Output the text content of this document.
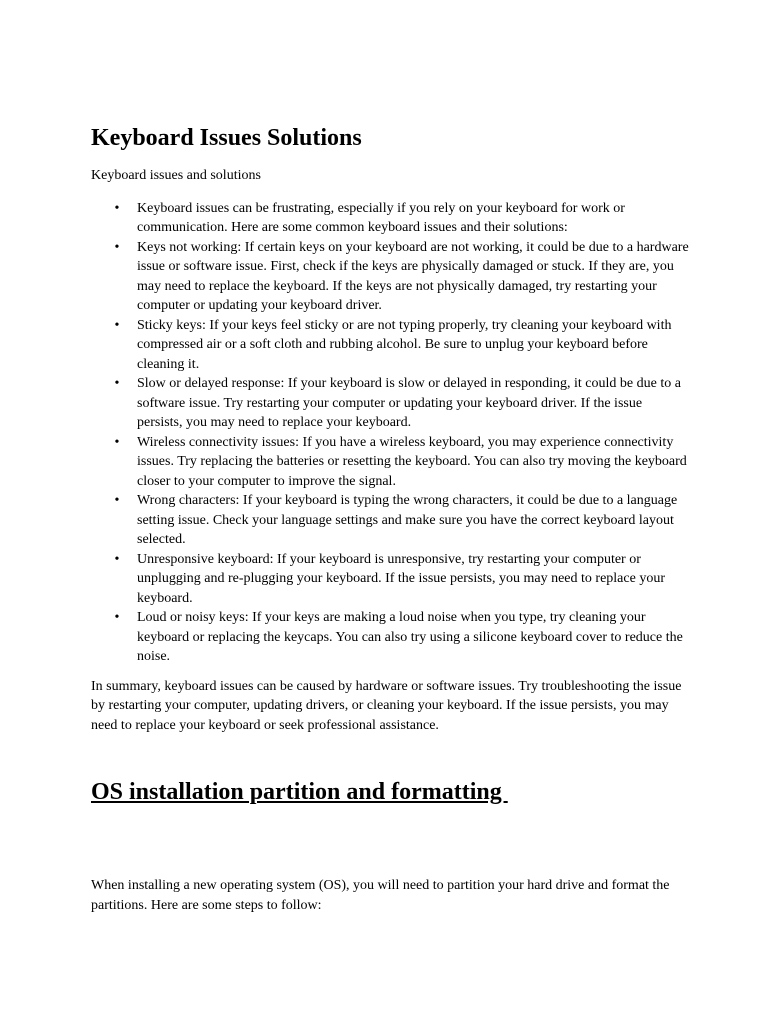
Keyboard Issues Solutions

Keyboard issues and solutions

• Keyboard issues can be frustrating, especially if you rely on your keyboard for work or communication. Here are some common keyboard issues and their solutions:
• Keys not working: If certain keys on your keyboard are not working, it could be due to a hardware issue or software issue. First, check if the keys are physically damaged or stuck. If they are, you may need to replace the keyboard. If the keys are not physically damaged, try restarting your computer or updating your keyboard driver.
• Sticky keys: If your keys feel sticky or are not typing properly, try cleaning your keyboard with compressed air or a soft cloth and rubbing alcohol. Be sure to unplug your keyboard before cleaning it.
• Slow or delayed response: If your keyboard is slow or delayed in responding, it could be due to a software issue. Try restarting your computer or updating your keyboard driver. If the issue persists, you may need to replace your keyboard.
• Wireless connectivity issues: If you have a wireless keyboard, you may experience connectivity issues. Try replacing the batteries or resetting the keyboard. You can also try moving the keyboard closer to your computer to improve the signal.
• Wrong characters: If your keyboard is typing the wrong characters, it could be due to a language setting issue. Check your language settings and make sure you have the correct keyboard layout selected.
• Unresponsive keyboard: If your keyboard is unresponsive, try restarting your computer or unplugging and re-plugging your keyboard. If the issue persists, you may need to replace your keyboard.
• Loud or noisy keys: If your keys are making a loud noise when you type, try cleaning your keyboard or replacing the keycaps. You can also try using a silicone keyboard cover to reduce the noise.

In summary, keyboard issues can be caused by hardware or software issues. Try troubleshooting the issue by restarting your computer, updating drivers, or cleaning your keyboard. If the issue persists, you may need to replace your keyboard or seek professional assistance.

OS installation partition and formatting

When installing a new operating system (OS), you will need to partition your hard drive and format the partitions. Here are some steps to follow:
